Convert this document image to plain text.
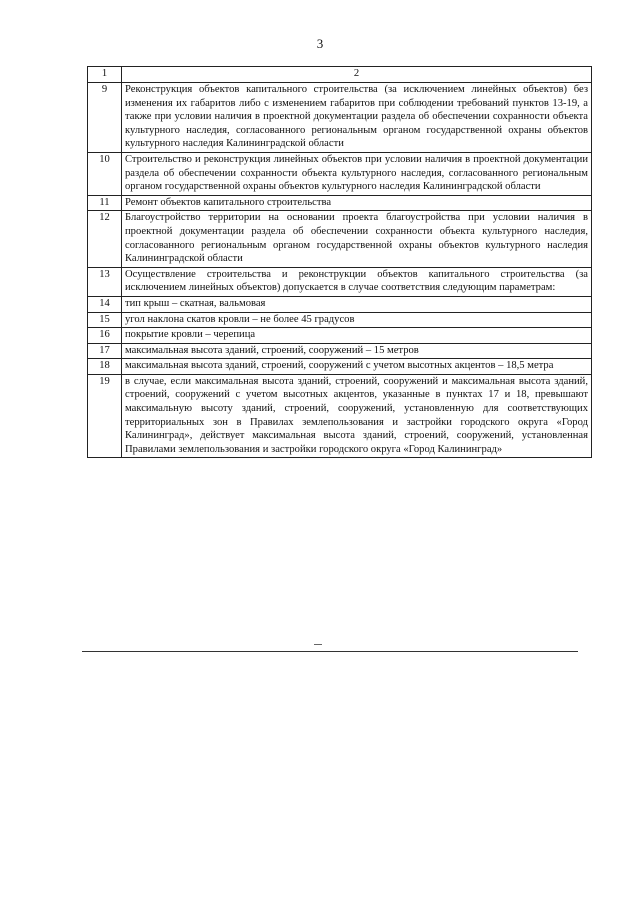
3
1	2
9	Реконструкция объектов капитального строительства (за исключением линейных объектов) без изменения их габаритов либо с изменением габаритов при соблюдении требований пунктов 13-19, а также при условии наличия в проектной документации раздела об обеспечении сохранности объекта культурного наследия, согласованного региональным органом государственной охраны объектов культурного наследия Калининградской области
10	Строительство и реконструкция линейных объектов при условии наличия в проектной документации раздела об обеспечении сохранности объекта культурного наследия, согласованного региональным органом государственной охраны объектов культурного наследия Калининградской области
11	Ремонт объектов капитального строительства
12	Благоустройство территории на основании проекта благоустройства при условии наличия в проектной документации раздела об обеспечении сохранности объекта культурного наследия, согласованного региональным органом государственной охраны объектов культурного наследия Калининградской области
13	Осуществление строительства и реконструкции объектов капитального строительства (за исключением линейных объектов) допускается в случае соответствия следующим параметрам:
14	тип крыш – скатная, вальмовая
15	угол наклона скатов кровли – не более 45 градусов
16	покрытие кровли – черепица
17	максимальная высота зданий, строений, сооружений – 15 метров
18	максимальная высота зданий, строений, сооружений с учетом высотных акцентов – 18,5 метра
19	в случае, если максимальная высота зданий, строений, сооружений и максимальная высота зданий, строений, сооружений с учетом высотных акцентов, указанные в пунктах 17 и 18, превышают максимальную высоту зданий, строений, сооружений, установленную для соответствующих территориальных зон в Правилах землепользования и застройки городского округа «Город Калининград», действует максимальная высота зданий, строений, сооружений, установленная Правилами землепользования и застройки городского округа «Город Калининград»
